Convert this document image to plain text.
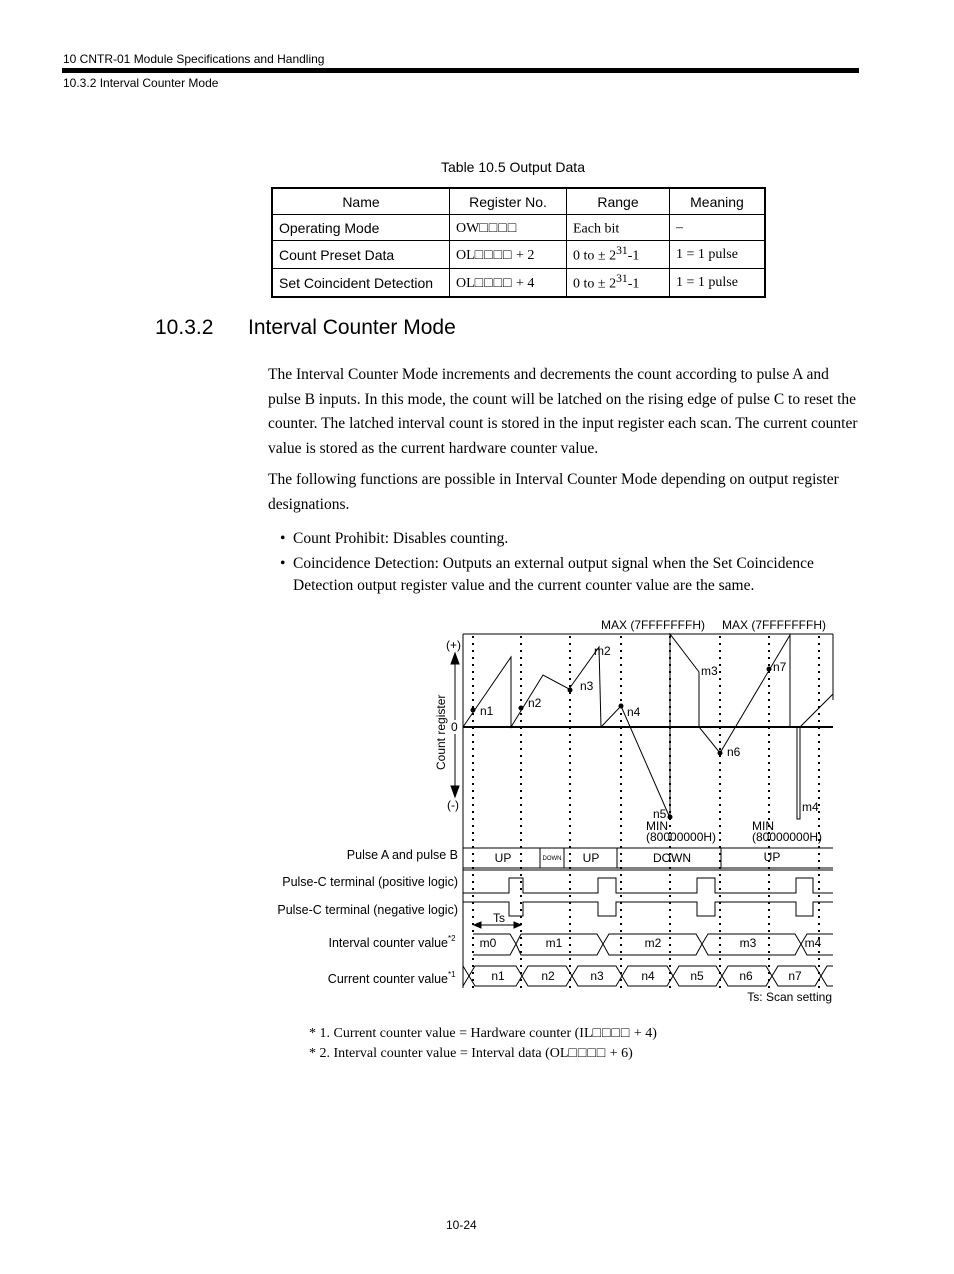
10 CNTR-01 Module Specifications and Handling
10.3.2 Interval Counter Mode
Table 10.5 Output Data
Name	Register No.	Range	Meaning
Operating Mode	OW□□□□	Each bit	–
Count Preset Data	OL□□□□ + 2	0 to ± $2^{31}-1$	1 = 1 pulse
Set Coincident Detection	OL□□□□ + 4	0 to ± $2^{31}-1$	1 = 1 pulse
10.3.2 Interval Counter Mode
The Interval Counter Mode increments and decrements the count according to pulse A and pulse B inputs. In this mode, the count will be latched on the rising edge of pulse C to reset the counter. The latched interval count is stored in the input register each scan. The current counter value is stored as the current hardware counter value.
The following functions are possible in Interval Counter Mode depending on output register designations.
• Count Prohibit: Disables counting.
• Coincidence Detection: Outputs an external output signal when the Set Coincidence Detection output register value and the current counter value are the same.
MAX (7FFFFFFFH) MAX (7FFFFFFFH)
(+)
0
(-)
Count register	n1
n2
n3
n4
n5
n6
n7
m2
m3
m4
MIN
(80000000H)
MIN
(80000000H)
Pulse A and pulse B
Pulse-C terminal (positive logic)
Pulse-C terminal (negative logic)
Interval counter value
Current counter value
*2
*1
UP	DOWN UP	DOWN	UP
Ts
m0	m1	m2	m3	m4
n1	n2	n3	n4	n5	n6	n7
Ts: Scan setting
* 1. Current counter value = Hardware counter (IL□□□□ + 4)
* 2. Interval counter value = Interval data (OL□□□□ + 6)
10-24
